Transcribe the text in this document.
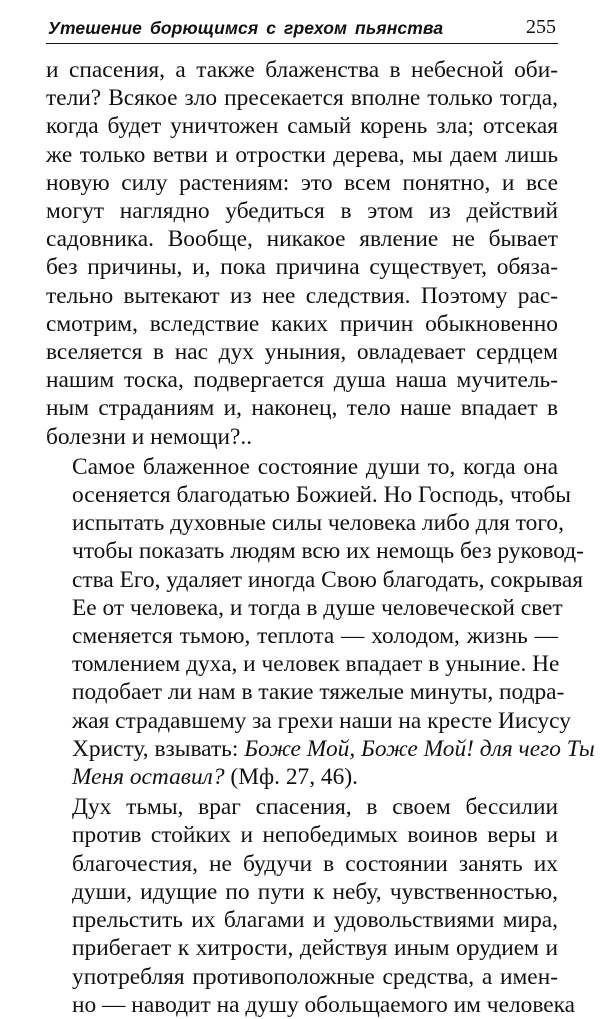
Утешение борющимся с грехом пьянства	255

и спасения, а также блаженства в небесной оби-
тели? Всякое зло пресекается вполне только тогда,
когда будет уничтожен самый корень зла; отсекая
же только ветви и отростки дерева, мы даем лишь
новую силу растениям: это всем понятно, и все
могут наглядно убедиться в этом из действий
садовника. Вообще, никакое явление не бывает
без причины, и, пока причина существует, обяза-
тельно вытекают из нее следствия. Поэтому рас-
смотрим, вследствие каких причин обыкновенно
вселяется в нас дух уныния, овладевает сердцем
нашим тоска, подвергается душа наша мучитель-
ным страданиям и, наконец, тело наше впадает в
болезни и немощи?..

Самое блаженное состояние души то, когда она
осеняется благодатью Божией. Но Господь, чтобы
испытать духовные силы человека либо для того,
чтобы показать людям всю их немощь без руковод-
ства Его, удаляет иногда Свою благодать, сокрывая
Ее от человека, и тогда в душе человеческой свет
сменяется тьмою, теплота — холодом, жизнь —
томлением духа, и человек впадает в уныние. Не
подобает ли нам в такие тяжелые минуты, подра-
жая страдавшему за грехи наши на кресте Иисусу
Христу, взывать: Боже Мой, Боже Мой! для чего Ты
Меня оставил? (Мф. 27, 46).

Дух тьмы, враг спасения, в своем бессилии
против стойких и непобедимых воинов веры и
благочестия, не будучи в состоянии занять их
души, идущие по пути к небу, чувственностью,
прельстить их благами и удовольствиями мира,
прибегает к хитрости, действуя иным орудием и
употребляя противоположные средства, а имен-
но — наводит на душу обольщаемого им человека
